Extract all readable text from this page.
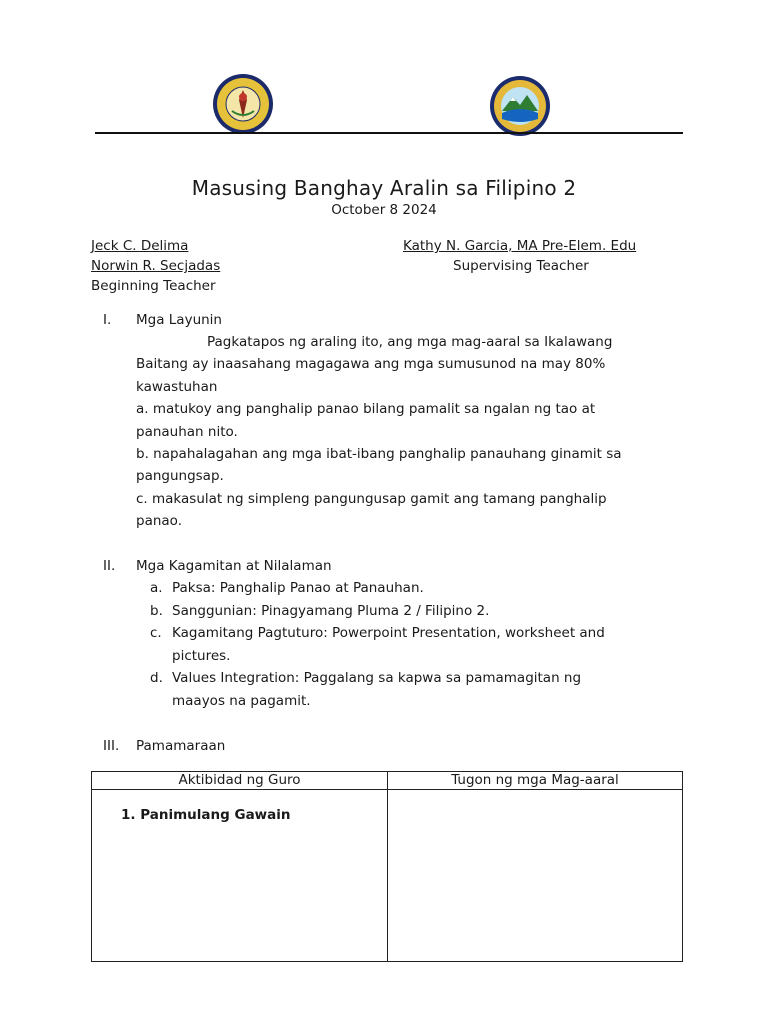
Masusing Banghay Aralin sa Filipino 2
October 8 2024
Jeck C. Delima
Norwin R. Secjadas
Beginning Teacher
Kathy N. Garcia, MA Pre-Elem. Edu
Supervising Teacher
I. Mga Layunin
Pagkatapos ng araling ito, ang mga mag-aaral sa Ikalawang
Baitang ay inaasahang magagawa ang mga sumusunod na may 80%
kawastuhan
a. matukoy ang panghalip panao bilang pamalit sa ngalan ng tao at
panauhan nito.
b. napahalagahan ang mga ibat-ibang panghalip panauhang ginamit sa
pangungsap.
c. makasulat ng simpleng pangungusap gamit ang tamang panghalip
panao.
II. Mga Kagamitan at Nilalaman
a. Paksa: Panghalip Panao at Panauhan.
b. Sanggunian: Pinagyamang Pluma 2 / Filipino 2.
c. Kagamitang Pagtuturo: Powerpoint Presentation, worksheet and
pictures.
d. Values Integration: Paggalang sa kapwa sa pamamagitan ng
maayos na pagamit.
III. Pamamaraan
Aktibidad ng Guro	Tugon ng mga Mag-aaral
1. Panimulang Gawain	
